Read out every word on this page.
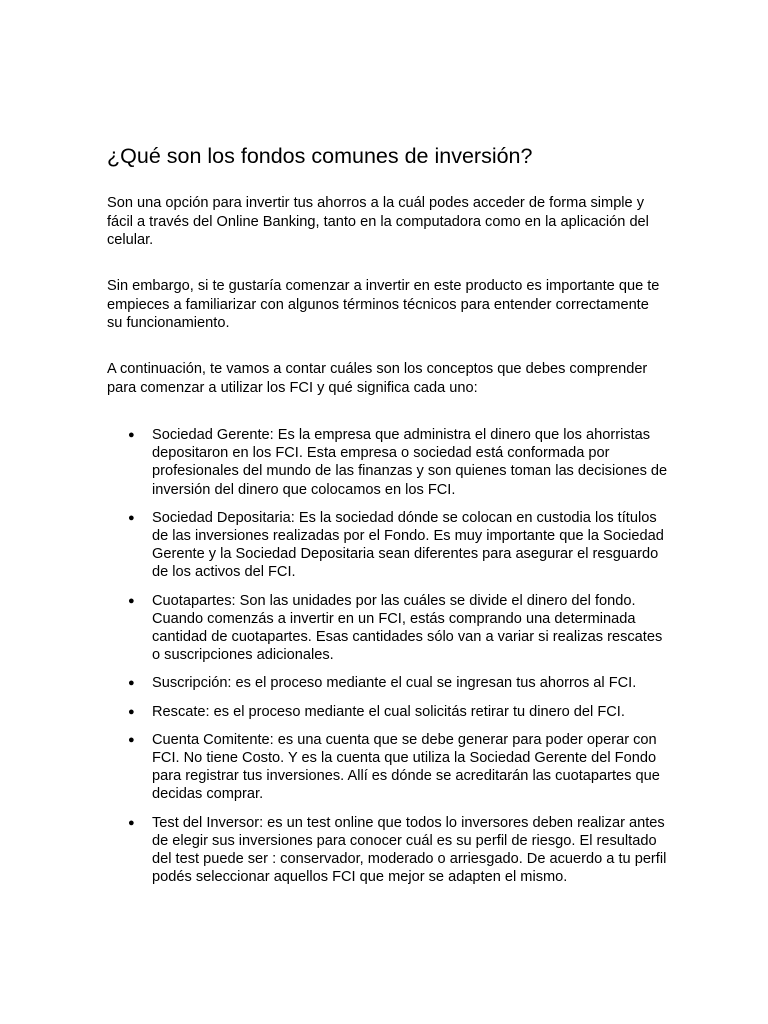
¿Qué son los fondos comunes de inversión?

Son una opción para invertir tus ahorros a la cuál podes acceder de forma simple y fácil a través del Online Banking, tanto en la computadora como en la aplicación del celular.

Sin embargo, si te gustaría comenzar a invertir en este producto es importante que te empieces a familiarizar con algunos términos técnicos para entender correctamente su funcionamiento.

A continuación, te vamos a contar cuáles son los conceptos que debes comprender para comenzar a utilizar los FCI y qué significa cada uno:

● Sociedad Gerente: Es la empresa que administra el dinero que los ahorristas depositaron en los FCI. Esta empresa o sociedad está conformada por profesionales del mundo de las finanzas y son quienes toman las decisiones de inversión del dinero que colocamos en los FCI.
● Sociedad Depositaria: Es la sociedad dónde se colocan en custodia los títulos de las inversiones realizadas por el Fondo. Es muy importante que la Sociedad Gerente y la Sociedad Depositaria sean diferentes para asegurar el resguardo de los activos del FCI.
● Cuotapartes: Son las unidades por las cuáles se divide el dinero del fondo. Cuando comenzás a invertir en un FCI, estás comprando una determinada cantidad de cuotapartes. Esas cantidades sólo van a variar si realizas rescates o suscripciones adicionales.
● Suscripción: es el proceso mediante el cual se ingresan tus ahorros al FCI.
● Rescate: es el proceso mediante el cual solicitás retirar tu dinero del FCI.
● Cuenta Comitente: es una cuenta que se debe generar para poder operar con FCI. No tiene Costo. Y es la cuenta que utiliza la Sociedad Gerente del Fondo para registrar tus inversiones. Allí es dónde se acreditarán las cuotapartes que decidas comprar.
● Test del Inversor: es un test online que todos lo inversores deben realizar antes de elegir sus inversiones para conocer cuál es su perfil de riesgo. El resultado del test puede ser : conservador, moderado o arriesgado. De acuerdo a tu perfil podés seleccionar aquellos FCI que mejor se adapten el mismo.
